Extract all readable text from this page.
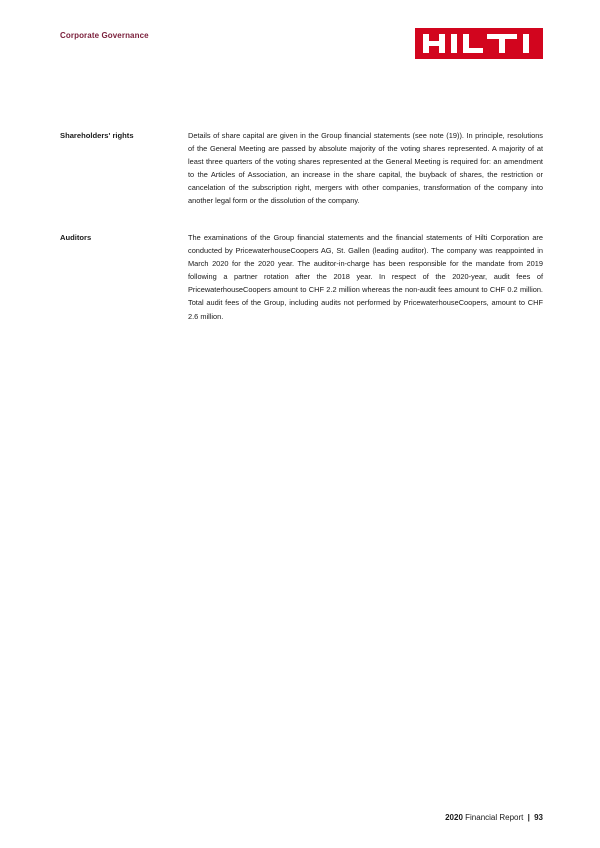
Corporate Governance
Shareholders' rights	Details of share capital are given in the Group financial statements (see note (19)). In principle, resolutions of the General Meeting are passed by absolute majority of the voting shares represented. A majority of at least three quarters of the voting shares represented at the General Meeting is required for: an amendment to the Articles of Association, an increase in the share capital, the buyback of shares, the restriction or cancelation of the subscription right, mergers with other companies, transformation of the company into another legal form or the dissolution of the company.
Auditors	The examinations of the Group financial statements and the financial statements of Hilti Corporation are conducted by PricewaterhouseCoopers AG, St. Gallen (leading auditor). The company was reappointed in March 2020 for the 2020 year. The auditor-in-charge has been responsible for the mandate from 2019 following a partner rotation after the 2018 year. In respect of the 2020-year, audit fees of PricewaterhouseCoopers amount to CHF 2.2 million whereas the non-audit fees amount to CHF 0.2 million. Total audit fees of the Group, including audits not performed by PricewaterhouseCoopers, amount to CHF 2.6 million.
2020 Financial Report | 93
